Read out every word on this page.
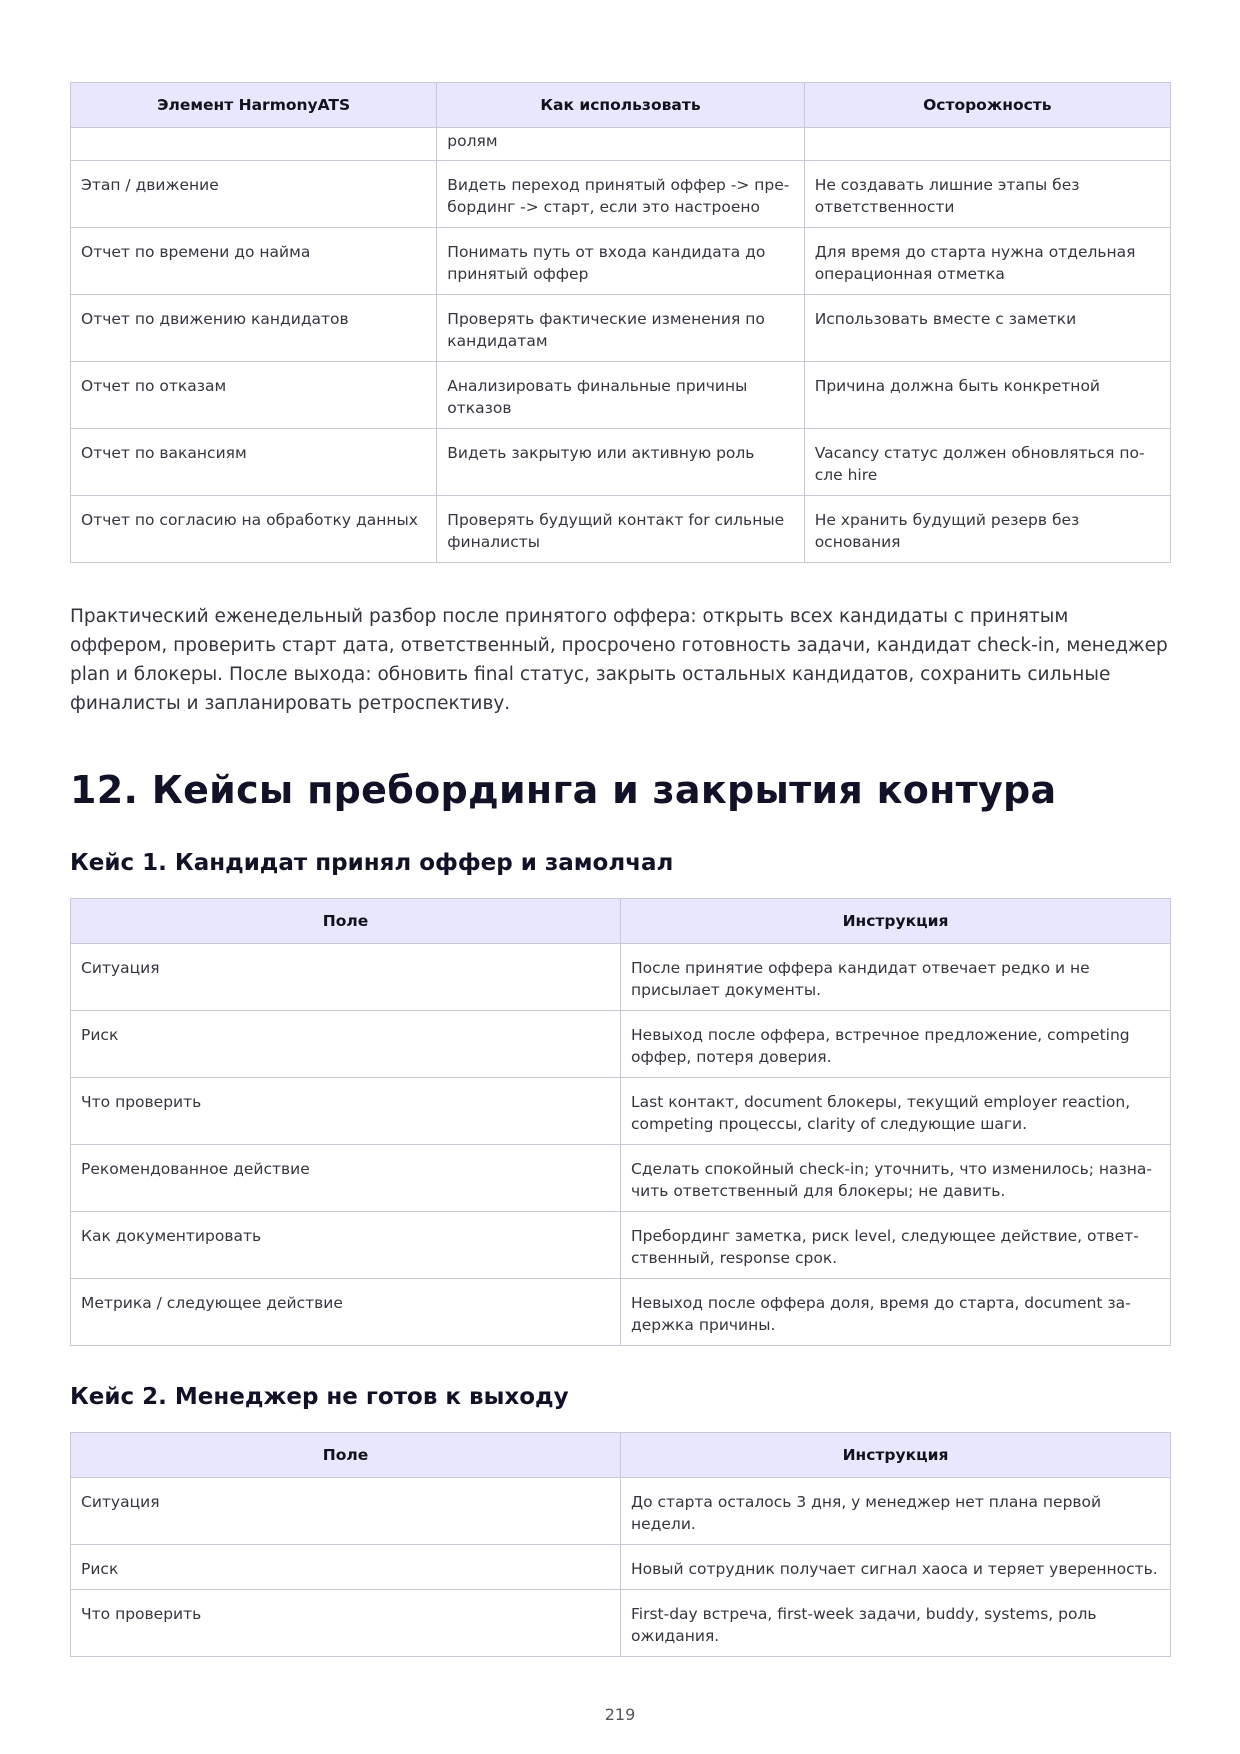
Элемент HarmonyATS	Как использовать	Осторожность
	ролям	
Этап / движение	Видеть переход принятый оффер -> пребординг -> старт, если это настроено	Не создавать лишние этапы без ответственности
Отчет по времени до найма	Понимать путь от входа кандидата до принятый оффер	Для время до старта нужна отдельная операционная отметка
Отчет по движению кандидатов	Проверять фактические изменения по кандидатам	Использовать вместе с заметки
Отчет по отказам	Анализировать финальные причины отказов	Причина должна быть конкретной
Отчет по вакансиям	Видеть закрытую или активную роль	Vacancy статус должен обновляться после hire
Отчет по согласию на обработку данных	Проверять будущий контакт for сильные финалисты	Не хранить будущий резерв без основания

Практический еженедельный разбор после принятого оффера: открыть всех кандидаты с принятым оффером, проверить старт дата, ответственный, просрочено готовность задачи, кандидат check-in, менеджер plan и блокеры. После выхода: обновить final статус, закрыть остальных кандидатов, сохранить сильные финалисты и запланировать ретроспективу.

12. Кейсы пребординга и закрытия контура
Кейс 1. Кандидат принял оффер и замолчал
Поле	Инструкция
Ситуация	После принятие оффера кандидат отвечает редко и не присылает документы.
Риск	Невыход после оффера, встречное предложение, competing оффер, потеря доверия.
Что проверить	Last контакт, document блокеры, текущий employer reaction, competing процессы, clarity of следующие шаги.
Рекомендованное действие	Сделать спокойный check-in; уточнить, что изменилось; назначить ответственный для блокеры; не давить.
Как документировать	Пребординг заметка, риск level, следующее действие, ответственный, response срок.
Метрика / следующее действие	Невыход после оффера доля, время до старта, document задержка причины.
Кейс 2. Менеджер не готов к выходу
Поле	Инструкция
Ситуация	До старта осталось 3 дня, у менеджер нет плана первой недели.
Риск	Новый сотрудник получает сигнал хаоса и теряет уверенность.
Что проверить	First-day встреча, first-week задачи, buddy, systems, роль ожидания.
219
